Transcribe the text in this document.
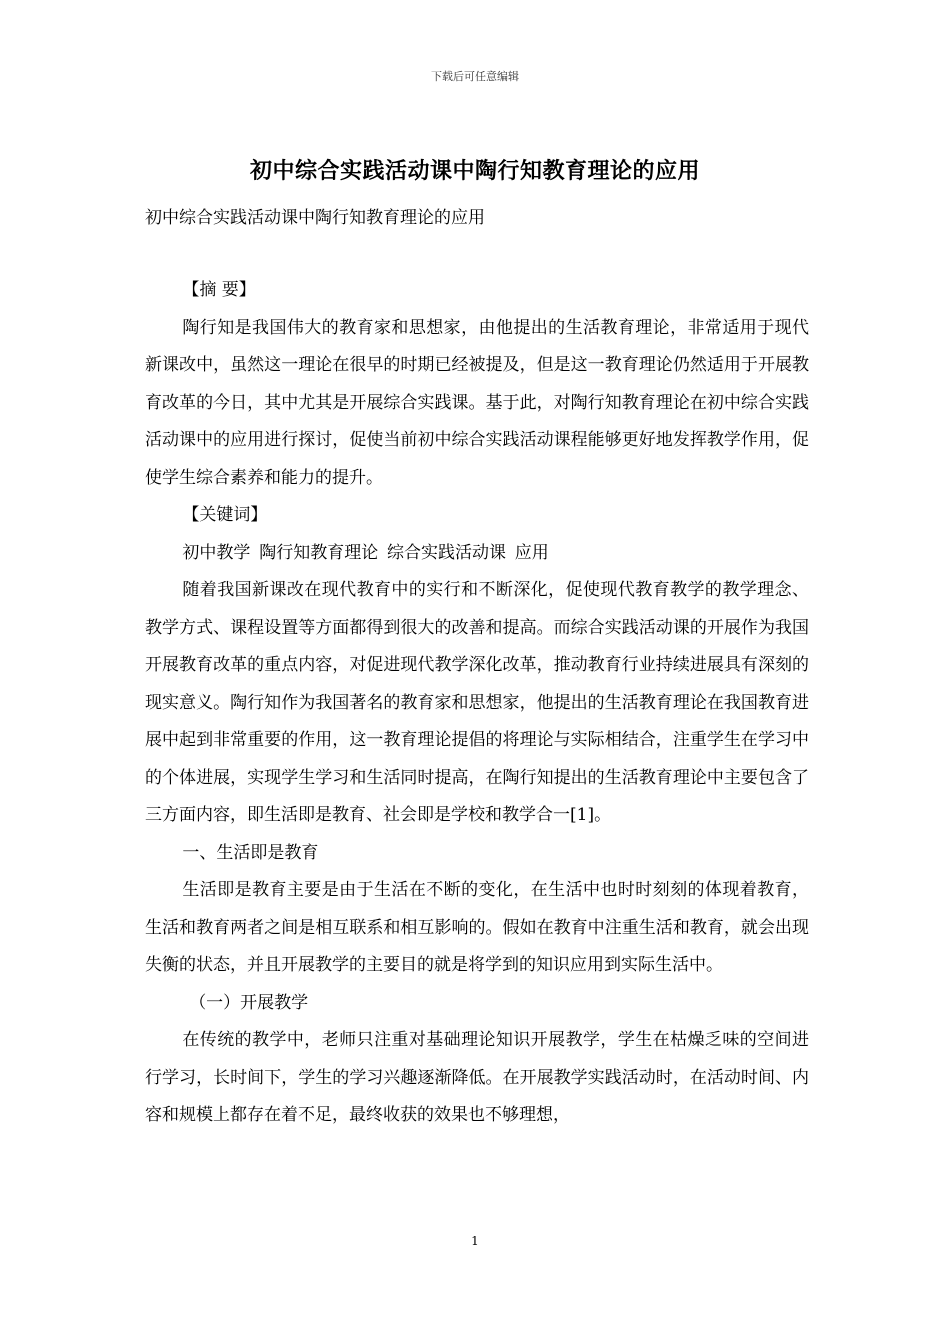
下载后可任意编辑
初中综合实践活动课中陶行知教育理论的应用
初中综合实践活动课中陶行知教育理论的应用

【摘 要】

陶行知是我国伟大的教育家和思想家，由他提出的生活教育理论，非常适用于现代新课改中，虽然这一理论在很早的时期已经被提及，但是这一教育理论仍然适用于开展教育改革的今日，其中尤其是开展综合实践课。基于此，对陶行知教育理论在初中综合实践活动课中的应用进行探讨，促使当前初中综合实践活动课程能够更好地发挥教学作用，促使学生综合素养和能力的提升。

【关键词】

初中教学 陶行知教育理论 综合实践活动课 应用

随着我国新课改在现代教育中的实行和不断深化，促使现代教育教学的教学理念、教学方式、课程设置等方面都得到很大的改善和提高。而综合实践活动课的开展作为我国开展教育改革的重点内容，对促进现代教学深化改革，推动教育行业持续进展具有深刻的现实意义。陶行知作为我国著名的教育家和思想家，他提出的生活教育理论在我国教育进展中起到非常重要的作用，这一教育理论提倡的将理论与实际相结合，注重学生在学习中的个体进展，实现学生学习和生活同时提高，在陶行知提出的生活教育理论中主要包含了三方面内容，即生活即是教育、社会即是学校和教学合一[1]。

一、生活即是教育

生活即是教育主要是由于生活在不断的变化，在生活中也时时刻刻的体现着教育，生活和教育两者之间是相互联系和相互影响的。假如在教育中注重生活和教育，就会出现失衡的状态，并且开展教学的主要目的就是将学到的知识应用到实际生活中。

（一）开展教学

在传统的教学中，老师只注重对基础理论知识开展教学，学生在枯燥乏味的空间进行学习，长时间下，学生的学习兴趣逐渐降低。在开展教学实践活动时，在活动时间、内容和规模上都存在着不足，最终收获的效果也不够理想，

1
